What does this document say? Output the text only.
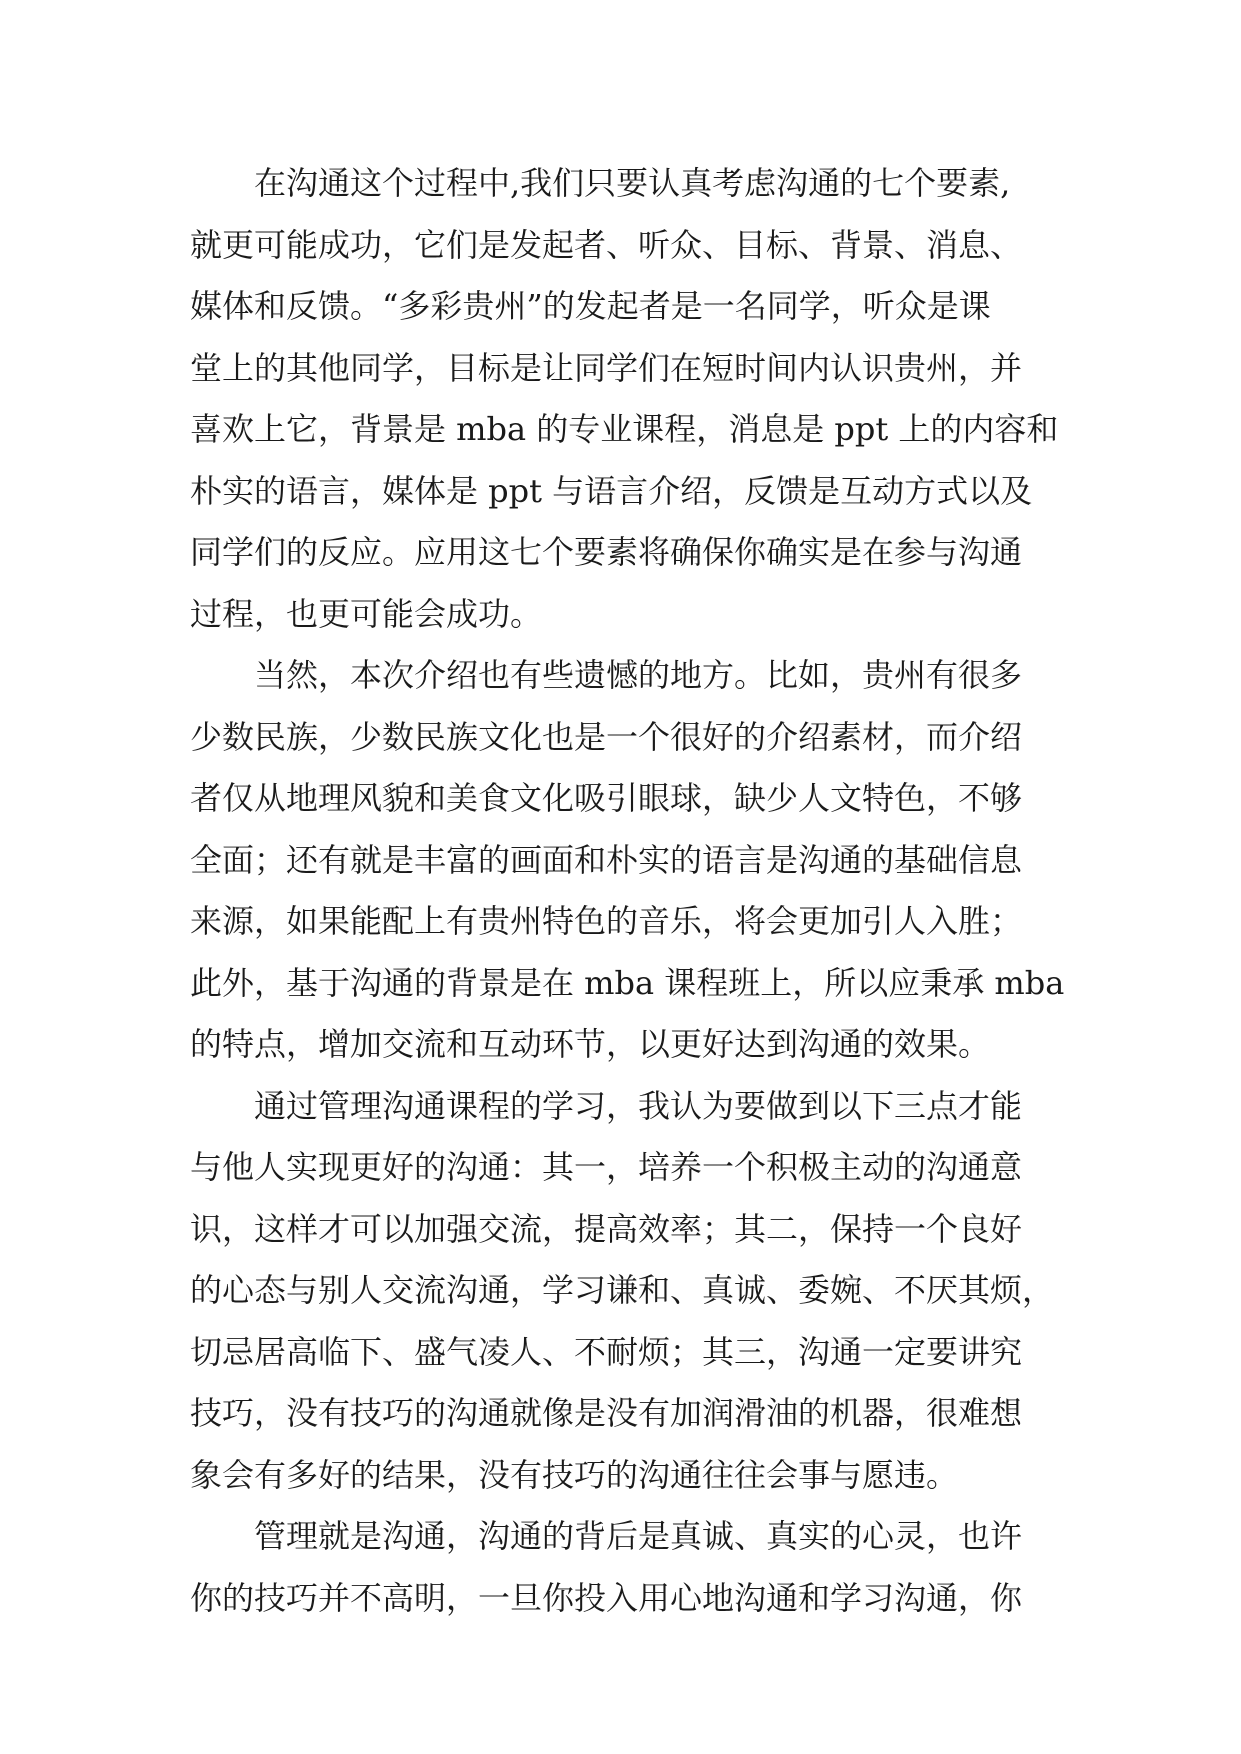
在沟通这个过程中,我们只要认真考虑沟通的七个要素,
就更可能成功，它们是发起者、听众、目标、背景、消息、
媒体和反馈。“多彩贵州”的发起者是一名同学，听众是课
堂上的其他同学，目标是让同学们在短时间内认识贵州，并
喜欢上它，背景是 mba 的专业课程，消息是 ppt 上的内容和
朴实的语言，媒体是 ppt 与语言介绍，反馈是互动方式以及
同学们的反应。应用这七个要素将确保你确实是在参与沟通
过程，也更可能会成功。
当然，本次介绍也有些遗憾的地方。比如，贵州有很多
少数民族，少数民族文化也是一个很好的介绍素材，而介绍
者仅从地理风貌和美食文化吸引眼球，缺少人文特色，不够
全面；还有就是丰富的画面和朴实的语言是沟通的基础信息
来源，如果能配上有贵州特色的音乐，将会更加引人入胜；
此外，基于沟通的背景是在 mba 课程班上，所以应秉承 mba
的特点，增加交流和互动环节，以更好达到沟通的效果。
通过管理沟通课程的学习，我认为要做到以下三点才能
与他人实现更好的沟通：其一，培养一个积极主动的沟通意
识，这样才可以加强交流，提高效率；其二，保持一个良好
的心态与别人交流沟通，学习谦和、真诚、委婉、不厌其烦，
切忌居高临下、盛气凌人、不耐烦；其三，沟通一定要讲究
技巧，没有技巧的沟通就像是没有加润滑油的机器，很难想
象会有多好的结果，没有技巧的沟通往往会事与愿违。
管理就是沟通，沟通的背后是真诚、真实的心灵，也许
你的技巧并不高明，一旦你投入用心地沟通和学习沟通，你
